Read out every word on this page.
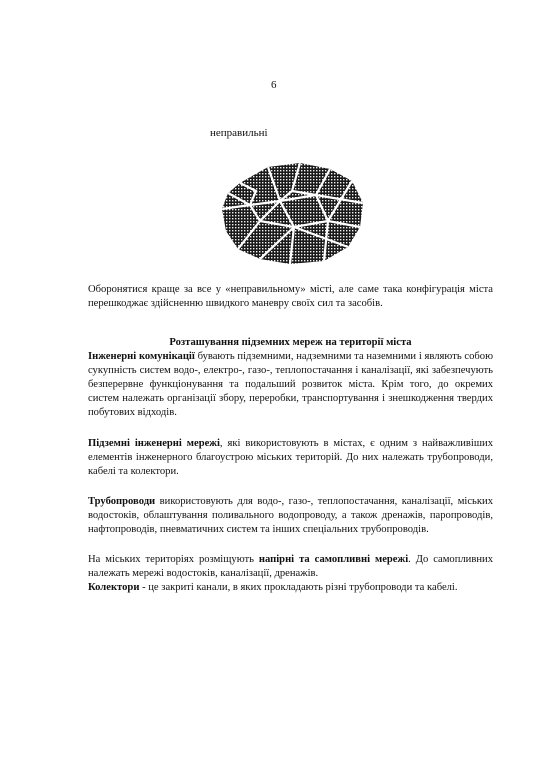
6
неправильні

Оборонятися краще за все у «неправильному» місті, але саме така конфігурація міста перешкоджає здійсненню швидкого маневру своїх сил та засобів.

Розташування підземних мереж на території міста

Інженерні комунікації бувають підземними, надземними та наземними і являють собою сукупність систем водо-, електро-, газо-, теплопостачання і каналізації, які забезпечують безперервне функціонування та подальший розвиток міста. Крім того, до окремих систем належать організації збору, переробки, транспортування і знешкодження твердих побутових відходів.

Підземні інженерні мережі, які використовують в містах, є одним з найважливіших елементів інженерного благоустрою міських територій. До них належать трубопроводи, кабелі та колектори.

Трубопроводи використовують для водо-, газо-, теплопостачання, каналізації, міських водостоків, облаштування поливального водопроводу, а також дренажів, паропроводів, нафтопроводів, пневматичних систем та інших спеціальних трубопроводів.

На міських територіях розміщують напірні та самопливні мережі. До самопливних належать мережі водостоків, каналізації, дренажів.

Колектори - це закриті канали, в яких прокладають різні трубопроводи та кабелі.
